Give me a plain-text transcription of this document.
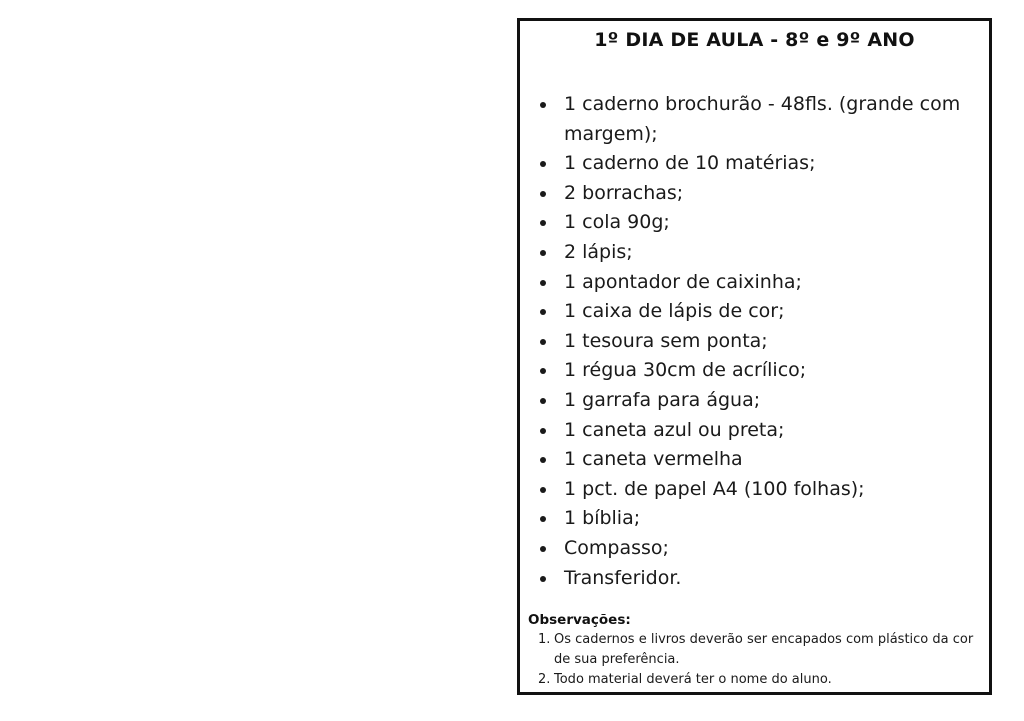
1º DIA DE AULA - 8º e 9º ANO
1 caderno brochurão - 48fls. (grande com margem);
1 caderno de 10 matérias;
2 borrachas;
1 cola 90g;
2 lápis;
1 apontador de caixinha;
1 caixa de lápis de cor;
1 tesoura sem ponta;
1 régua 30cm de acrílico;
1 garrafa para água;
1 caneta azul ou preta;
1 caneta vermelha
1 pct. de papel A4 (100 folhas);
1 bíblia;
Compasso;
Transferidor.

Observações:

1. Os cadernos e livros deverão ser encapados com plástico da cor de sua preferência.
2. Todo material deverá ter o nome do aluno.
